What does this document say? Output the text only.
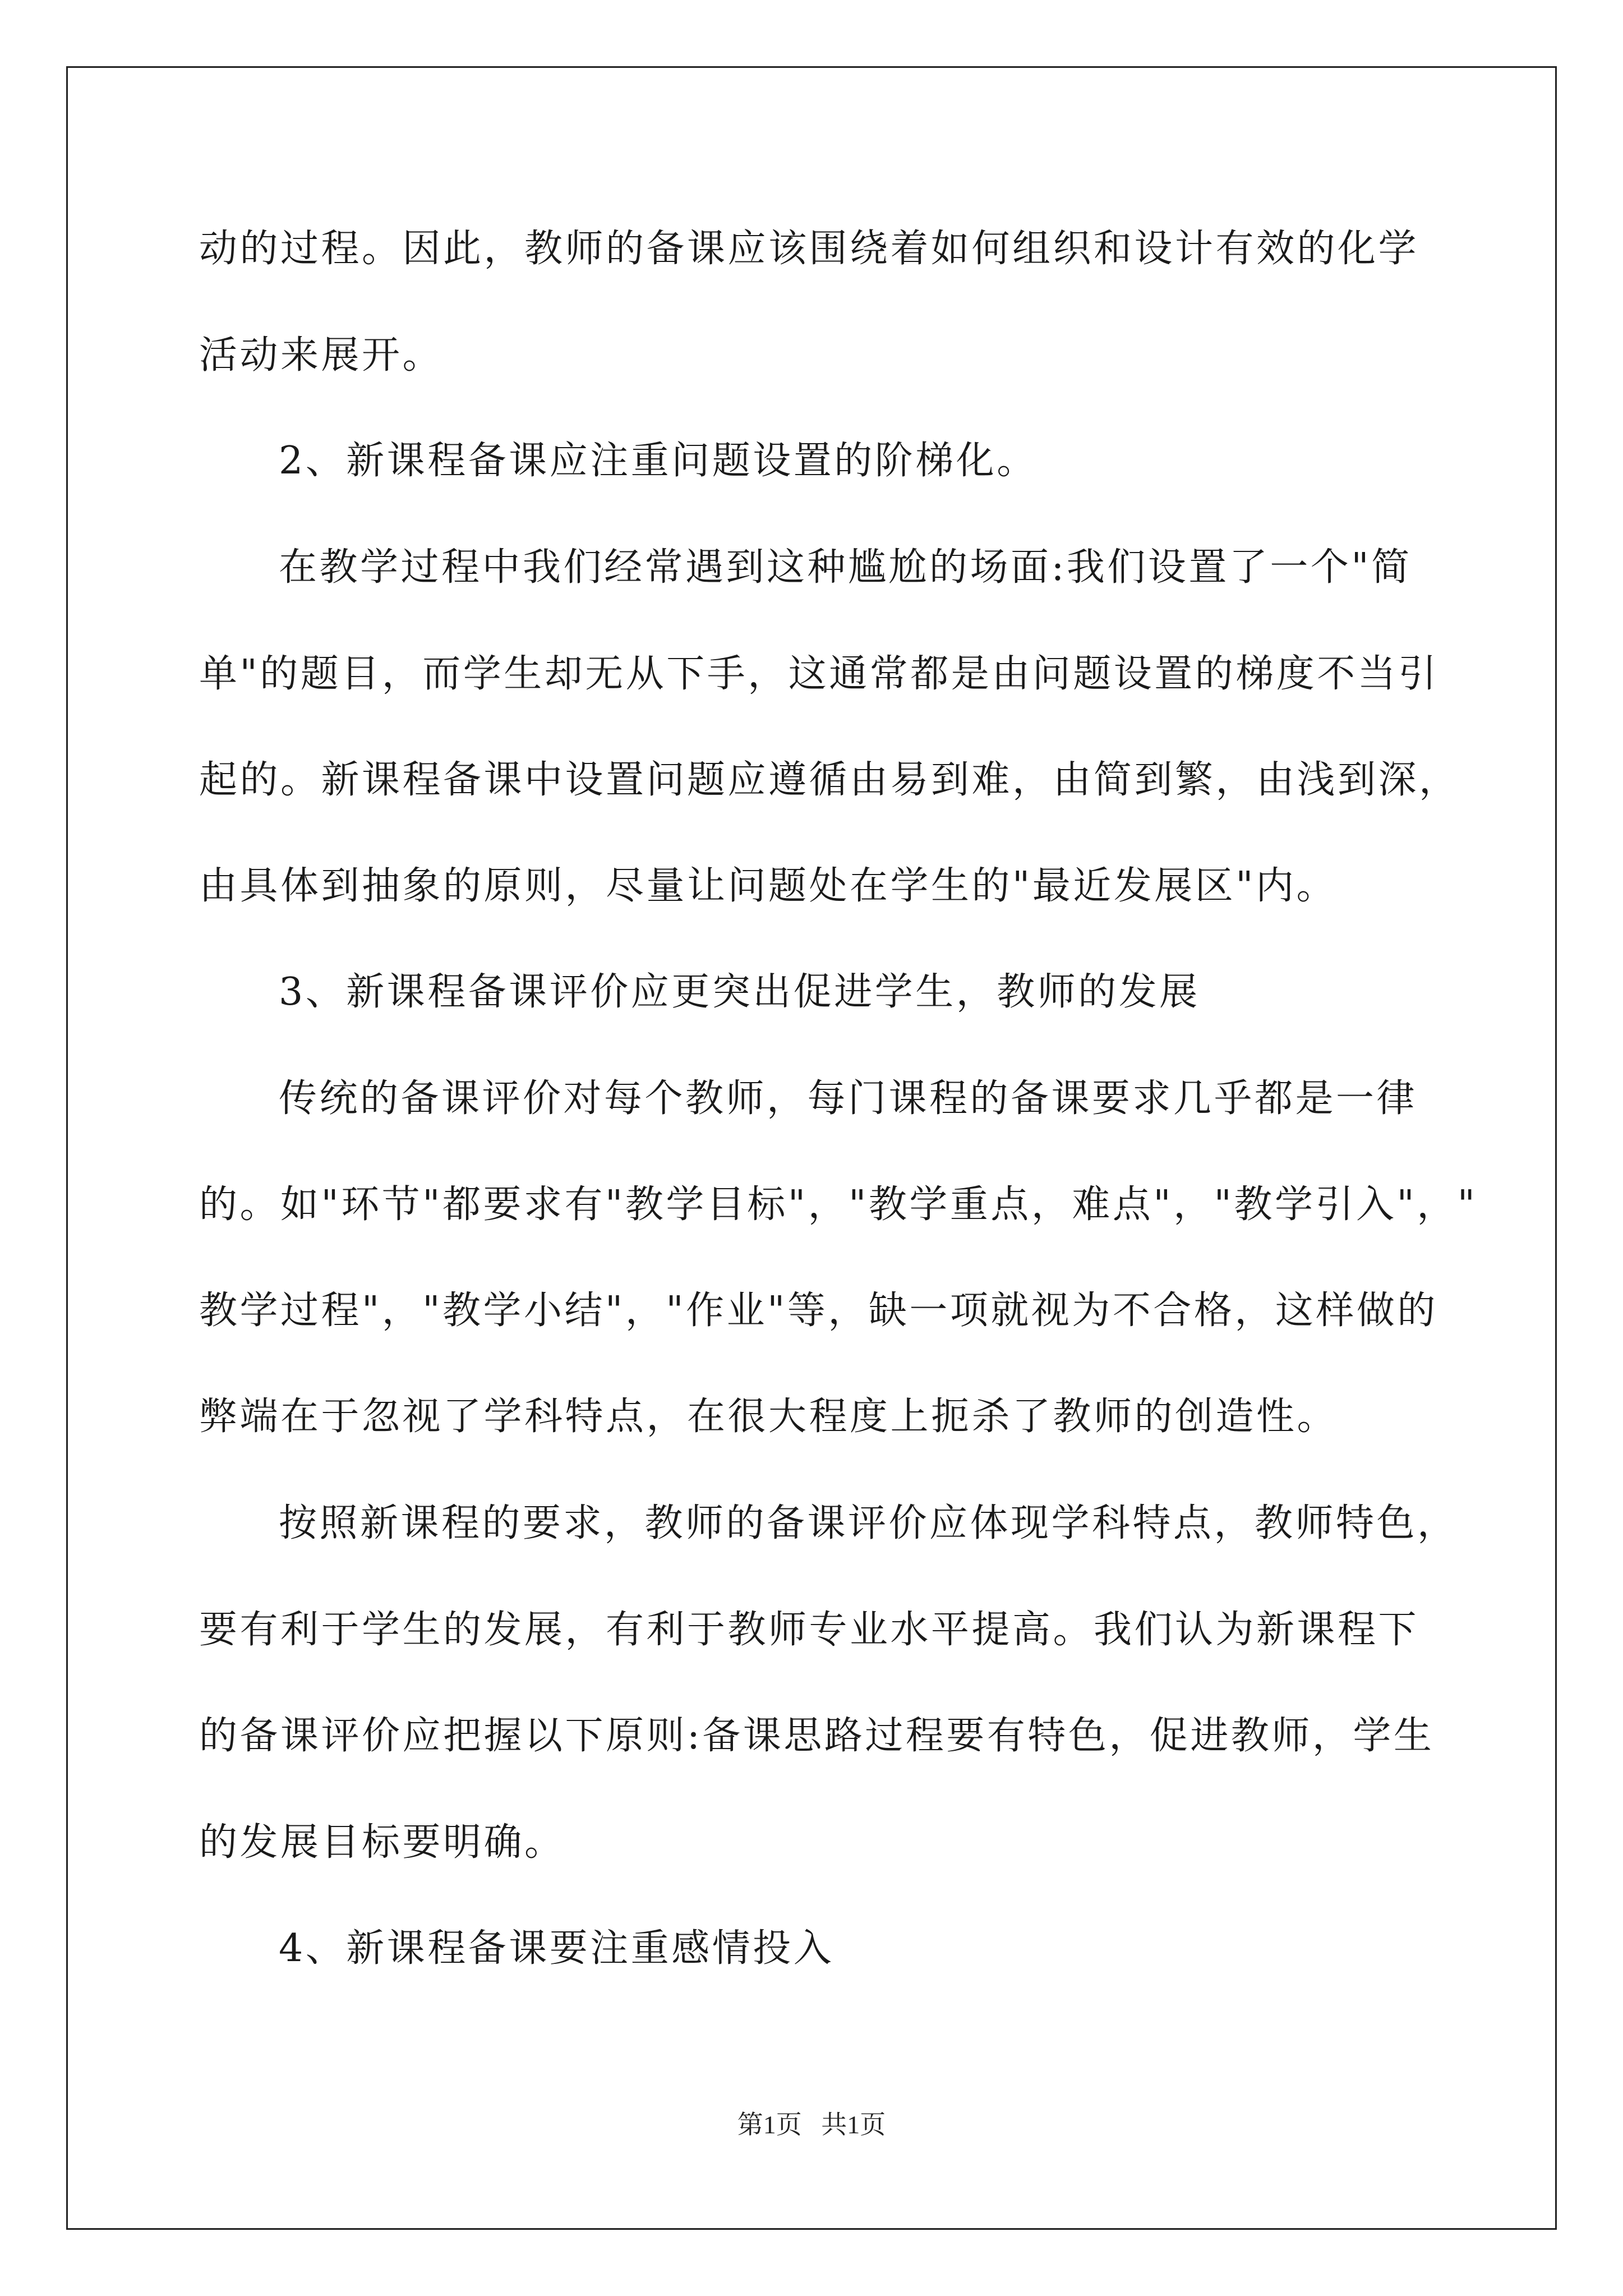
动的过程。因此，教师的备课应该围绕着如何组织和设计有效的化学

活动来展开。

2、新课程备课应注重问题设置的阶梯化。

在教学过程中我们经常遇到这种尴尬的场面:我们设置了一个"简

单"的题目，而学生却无从下手，这通常都是由问题设置的梯度不当引

起的。新课程备课中设置问题应遵循由易到难，由简到繁，由浅到深，

由具体到抽象的原则，尽量让问题处在学生的"最近发展区"内。

3、新课程备课评价应更突出促进学生，教师的发展

传统的备课评价对每个教师，每门课程的备课要求几乎都是一律

的。如"环节"都要求有"教学目标"，"教学重点，难点"，"教学引入"，"

教学过程"，"教学小结"，"作业"等，缺一项就视为不合格，这样做的

弊端在于忽视了学科特点，在很大程度上扼杀了教师的创造性。

按照新课程的要求，教师的备课评价应体现学科特点，教师特色，

要有利于学生的发展，有利于教师专业水平提高。我们认为新课程下

的备课评价应把握以下原则:备课思路过程要有特色，促进教师，学生

的发展目标要明确。

4、新课程备课要注重感情投入

第1页   共1页
